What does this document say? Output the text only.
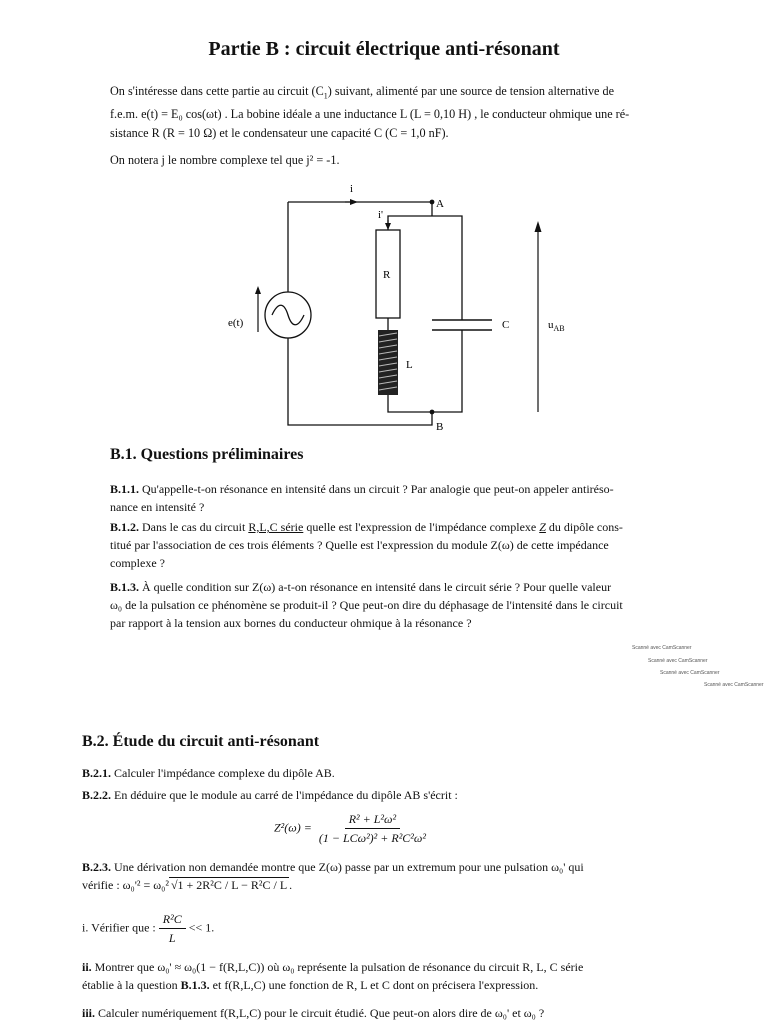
Partie B : circuit électrique anti-résonant
On s'intéresse dans cette partie au circuit $(C_1)$ suivant, alimenté par une source de tension alternative de
f.e.m. e(t) = E₀ cos(ωt) . La bobine idéale a une inductance L (L = 0,10 H) , le conducteur ohmique une ré-
sistance R (R = 10 Ω) et le condensateur une capacité C (C = 1,0 nF).
On notera j le nombre complexe tel que j² = -1.
i
i'
A
B
R
L
C
e(t)	$u_{AB}$
B.1. Questions préliminaires
B.1.1. Qu'appelle-t-on résonance en intensité dans un circuit ? Par analogie que peut-on appeler antiréso-
nance en intensité ?
B.1.2. Dans le cas du circuit R,L,C série quelle est l'expression de l'impédance complexe Z du dipôle cons-
titué par l'association de ces trois éléments ? Quelle est l'expression du module Z(ω) de cette impédance
complexe ?
B.1.3. À quelle condition sur Z(ω) a-t-on résonance en intensité dans le circuit série ? Pour quelle valeur
ω₀ de la pulsation ce phénomène se produit-il ? Que peut-on dire du déphasage de l'intensité dans le circuit
par rapport à la tension aux bornes du conducteur ohmique à la résonance ?
Scanné avec CamScanner
Scanné avec CamScanner
Scanné avec CamScanner
Scanné avec CamScanner
B.2. Étude du circuit anti-résonant
B.2.1. Calculer l'impédance complexe du dipôle AB.
B.2.2. En déduire que le module au carré de l'impédance du dipôle AB s'écrit :
$Z^2(\omega) = \frac{\text{R² + L²ω²}}{\text{(1 − LCω²)² + R²C²ω²}}$
B.2.3. Une dérivation non demandée montre que Z(ω) passe par un extremum pour une pulsation ω₀' qui
vérifie : ω₀'² = ω₀² √1 + 2R²C / L − R²C / L .
i. Vérifier que : $\frac{\text{R²C}}{L} << 1$.
ii. Montrer que ω₀' ≈ ω₀(1 − f(R,L,C)) où ω₀ représente la pulsation de résonance du circuit R, L, C série
établie à la question B.1.3. et f(R,L,C) une fonction de R, L et C dont on précisera l'expression.
iii. Calculer numériquement f(R,L,C) pour le circuit étudié. Que peut-on alors dire de ω₀' et ω₀ ?
